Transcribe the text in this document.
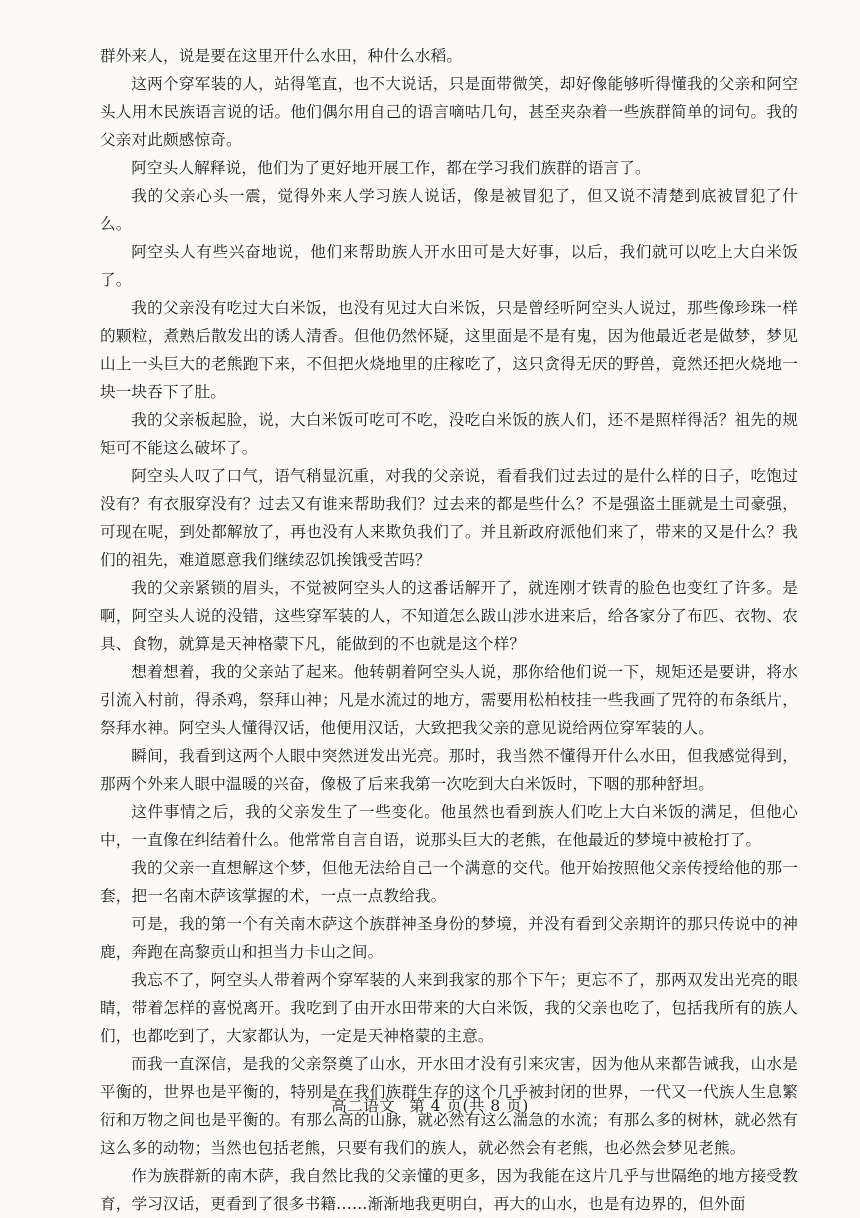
群外来人，说是要在这里开什么水田，种什么水稻。

这两个穿军装的人，站得笔直，也不大说话，只是面带微笑，却好像能够听得懂我的父亲和阿空头人用木民族语言说的话。他们偶尔用自己的语言嘀咕几句，甚至夹杂着一些族群简单的词句。我的父亲对此颇感惊奇。

阿空头人解释说，他们为了更好地开展工作，都在学习我们族群的语言了。

我的父亲心头一震，觉得外来人学习族人说话，像是被冒犯了，但又说不清楚到底被冒犯了什么。

阿空头人有些兴奋地说，他们来帮助族人开水田可是大好事，以后，我们就可以吃上大白米饭了。

我的父亲没有吃过大白米饭，也没有见过大白米饭，只是曾经听阿空头人说过，那些像珍珠一样的颗粒，煮熟后散发出的诱人清香。但他仍然怀疑，这里面是不是有鬼，因为他最近老是做梦，梦见山上一头巨大的老熊跑下来，不但把火烧地里的庄稼吃了，这只贪得无厌的野兽，竟然还把火烧地一块一块吞下了肚。

我的父亲板起脸，说，大白米饭可吃可不吃，没吃白米饭的族人们，还不是照样得活？祖先的规矩可不能这么破坏了。

阿空头人叹了口气，语气稍显沉重，对我的父亲说，看看我们过去过的是什么样的日子，吃饱过没有？有衣服穿没有？过去又有谁来帮助我们？过去来的都是些什么？不是强盗土匪就是土司豪强，可现在呢，到处都解放了，再也没有人来欺负我们了。并且新政府派他们来了，带来的又是什么？我们的祖先，难道愿意我们继续忍饥挨饿受苦吗？

我的父亲紧锁的眉头，不觉被阿空头人的这番话解开了，就连刚才铁青的脸色也变红了许多。是啊，阿空头人说的没错，这些穿军装的人，不知道怎么跋山涉水进来后，给各家分了布匹、衣物、农具、食物，就算是天神格蒙下凡，能做到的不也就是这个样？

想着想着，我的父亲站了起来。他转朝着阿空头人说，那你给他们说一下，规矩还是要讲，将水引流入村前，得杀鸡，祭拜山神；凡是水流过的地方，需要用松柏枝挂一些我画了咒符的布条纸片，祭拜水神。阿空头人懂得汉话，他便用汉话，大致把我父亲的意见说给两位穿军装的人。

瞬间，我看到这两个人眼中突然迸发出光亮。那时，我当然不懂得开什么水田，但我感觉得到，那两个外来人眼中温暖的兴奋，像极了后来我第一次吃到大白米饭时，下咽的那种舒坦。

这件事情之后，我的父亲发生了一些变化。他虽然也看到族人们吃上大白米饭的满足，但他心中，一直像在纠结着什么。他常常自言自语，说那头巨大的老熊，在他最近的梦境中被枪打了。

我的父亲一直想解这个梦，但他无法给自己一个满意的交代。他开始按照他父亲传授给他的那一套，把一名南木萨该掌握的术，一点一点教给我。

可是，我的第一个有关南木萨这个族群神圣身份的梦境，并没有看到父亲期许的那只传说中的神鹿，奔跑在高黎贡山和担当力卡山之间。

我忘不了，阿空头人带着两个穿军装的人来到我家的那个下午；更忘不了，那两双发出光亮的眼睛，带着怎样的喜悦离开。我吃到了由开水田带来的大白米饭，我的父亲也吃了，包括我所有的族人们，也都吃到了，大家都认为，一定是天神格蒙的主意。

而我一直深信，是我的父亲祭奠了山水，开水田才没有引来灾害，因为他从来都告诫我，山水是平衡的，世界也是平衡的，特别是在我们族群生存的这个几乎被封闭的世界，一代又一代族人生息繁衍和万物之间也是平衡的。有那么高的山脉，就必然有这么湍急的水流；有那么多的树林，就必然有这么多的动物；当然也包括老熊，只要有我们的族人，就必然会有老熊，也必然会梦见老熊。

作为族群新的南木萨，我自然比我的父亲懂的更多，因为我能在这片几乎与世隔绝的地方接受教育，学习汉话，更看到了很多书籍……渐渐地我更明白，再大的山水，也是有边界的，但外面

高二语文 第 4 页(共 8 页)
